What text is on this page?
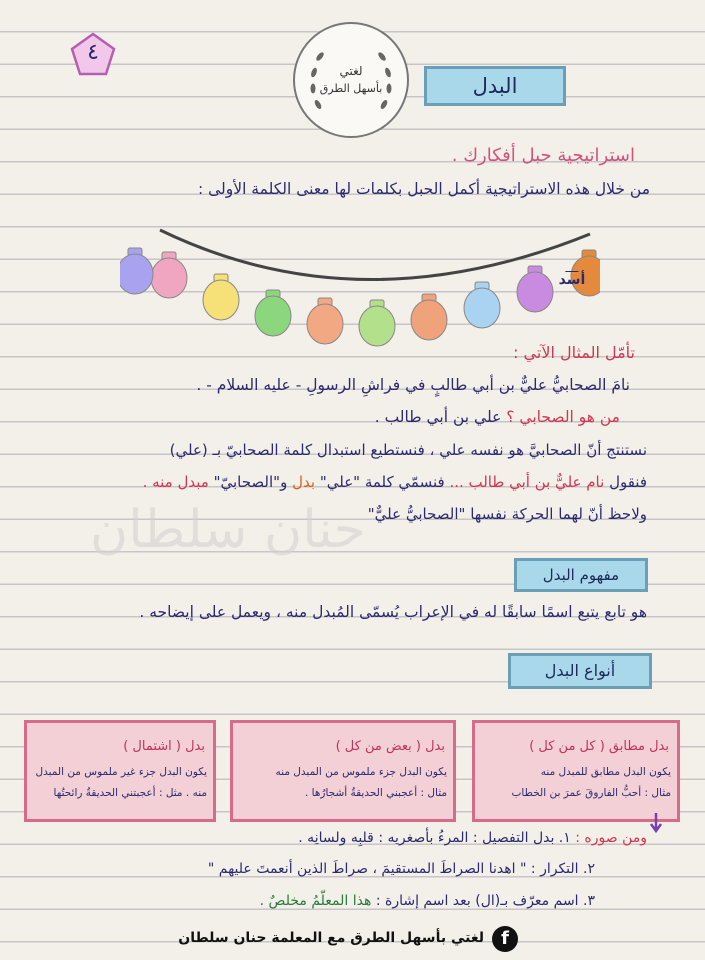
حنان سلطان
٤
لغتي
بأسهل الطرق	البدل
استراتيجية حبل أفكارك .
من خلال هذه الاستراتيجية أكمل الحبل بكلمات لها معنى الكلمة الأولى :
ــــ
أسد
تأمّل المثال الآتي :
نامَ الصحابيُّ عليٌّ بن أبي طالبٍ في فراشِ الرسولِ - عليه السلام - .
من هو الصحابي ؟ علي بن أبي طالب .
نستنتج أنّ الصحابيَّ هو نفسه علي ، فنستطيع استبدال كلمة الصحابيّ بـ (علي)
فنقول نام عليٌّ بن أبي طالب ... فنسمّي كلمة "علي" بدل و"الصحابيّ" مبدل منه .
ولاحظ أنّ لهما الحركة نفسها "الصحابيُّ عليٌّ"
مفهوم البدل
هو تابع يتبع اسمًا سابقًا له في الإعراب يُسمّى المُبدل منه ، ويعمل على إيضاحه .
أنواع البدل
بدل مطابق ( كل من كل )
يكون البدل مطابق للمبدل منه
مثال : أحبُّ الفاروقَ عمرَ بن الخطاب
بدل ( بعض من كل )
يكون البدل جزء ملموس من المبدل منه
مثال : أعجبني الحديقةُ أشجارُها .
بدل ( اشتمال )
يكون البدل جزء غير ملموس من المبدل
منه . مثل : أعجبتني الحديقةُ رائحتُها
ومن صوره : ١. بدل التفصيل : المرءُ بأصغريه : قلبِه ولسانِه .
٢. التكرار : " اهدنا الصراطَ المستقيمَ ، صراطَ الذين أنعمتَ عليهم "
٣. اسم معرّف بـ(ال) بعد اسم إشارة : هذا المعلّمُ مخلصٌ .
لغتي بأسهل الطرق مع المعلمة حنان سلطان f
